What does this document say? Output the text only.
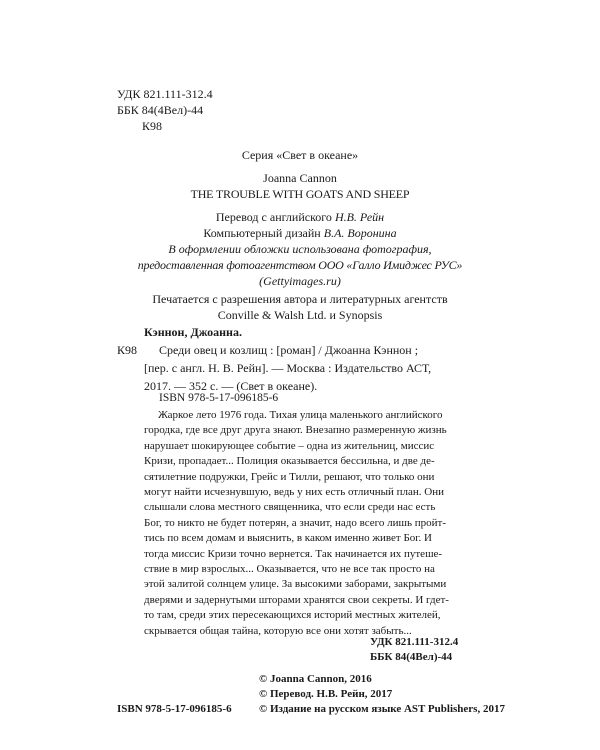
УДК 821.111-312.4
ББК 84(4Вел)-44
К98
Серия «Свет в океане»
Joanna Cannon
THE TROUBLE WITH GOATS AND SHEEP
Перевод с английского Н.В. Рейн
Компьютерный дизайн В.А. Воронина
В оформлении обложки использована фотография,
предоставленная фотоагентством ООО «Галло Имиджес РУС»
(Gettyimages.ru)
Печатается с разрешения автора и литературных агентств
Conville & Walsh Ltd. и Synopsis
Кэннон, Джоанна.
К98 Среди овец и козлищ : [роман] / Джоанна Кэннон ;
[пер. с англ. Н. В. Рейн]. — Москва : Издательство АСТ,
2017. — 352 с. — (Свет в океане).
ISBN 978-5-17-096185-6
Жаркое лето 1976 года. Тихая улица маленького английского
городка, где все друг друга знают. Внезапно размеренную жизнь
нарушает шокирующее событие – одна из жительниц, миссис
Кризи, пропадает... Полиция оказывается бессильна, и две де-
сятилетние подружки, Грейс и Тилли, решают, что только они
могут найти исчезнувшую, ведь у них есть отличный план. Они
слышали слова местного священника, что если среди нас есть
Бог, то никто не будет потерян, а значит, надо всего лишь пройт-
тись по всем домам и выяснить, в каком именно живет Бог. И
тогда миссис Кризи точно вернется. Так начинается их путеше-
ствие в мир взрослых... Оказывается, что не все так просто на
этой залитой солнцем улице. За высокими заборами, закрытыми
дверями и задернутыми шторами хранятся свои секреты. И гдет-
то там, среди этих пересекающихся историй местных жителей,
скрывается общая тайна, которую все они хотят забыть...
УДК 821.111-312.4
ББК 84(4Вел)-44
ISBN 978-5-17-096185-6
© Joanna Cannon, 2016
© Перевод. Н.В. Рейн, 2017
© Издание на русском языке AST Publishers, 2017
